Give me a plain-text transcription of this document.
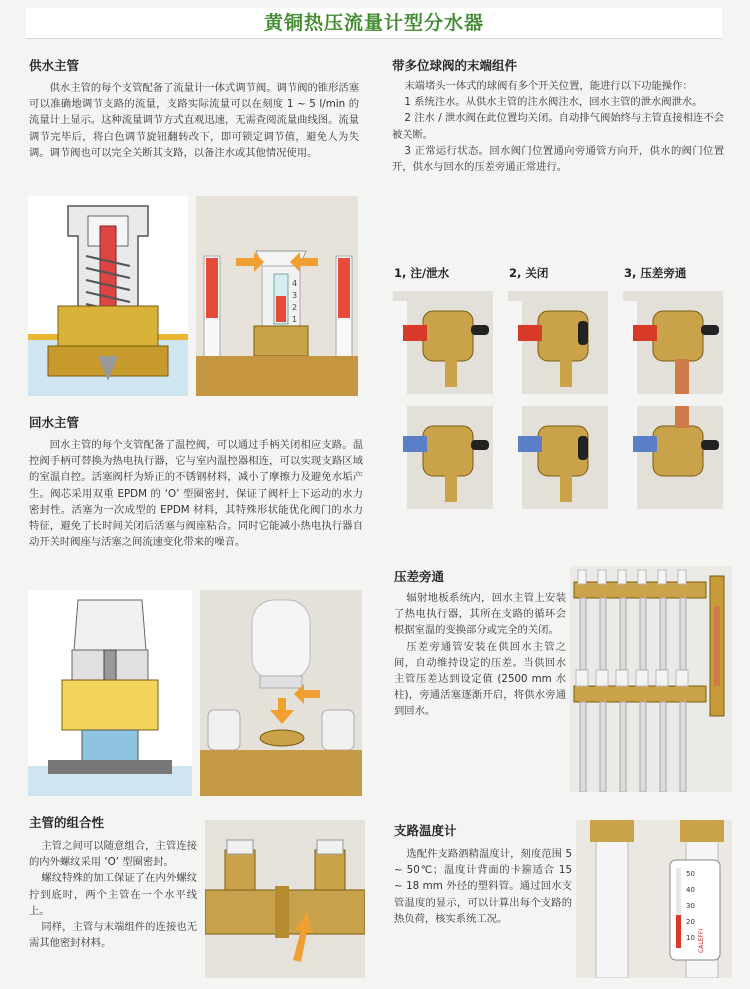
黄铜热压流量计型分水器
供水主管

供水主管的每个支管配备了流量计一体式调节阀。调节阀的锥形活塞可以准确地调节支路的流量，支路实际流量可以在刻度 1 ~ 5 l/min 的流量计上显示。这种流量调节方式直观迅速，无需查阅流量曲线图。流量调节完毕后，将白色调节旋钮翻转改下，即可锁定调节值，避免人为失调。调节阀也可以完全关断其支路，以备注水或其他情况使用。

4
3
2
1
回水主管

回水主管的每个支管配备了温控阀，可以通过手柄关闭相应支路。温控阀手柄可替换为热电执行器，它与室内温控器相连，可以实现支路区域的室温自控。活塞阀杆为矫正的不锈钢材料，减小了摩擦力及避免水垢产生。阀芯采用双重 EPDM 的 ‘O’ 型圈密封，保证了阀杆上下运动的水力密封性。活塞为一次成型的 EPDM 材料，其特殊形状能优化阀门的水力特征，避免了长时间关闭后活塞与阀座粘合。同时它能减小热电执行器自动开关时阀座与活塞之间流速变化带来的噪音。

主管的组合性

主管之间可以随意组合，主管连接的内外螺纹采用 ‘O’ 型圈密封。

螺纹特殊的加工保证了在内外螺纹拧到底时，两个主管在一个水平线上。

同样，主管与末端组件的连接也无需其他密封材料。

带多位球阀的末端组件

末端堵头一体式的球阀有多个开关位置，能进行以下功能操作：

1 系统注水。从供水主管的注水阀注水，回水主管的泄水阀泄水。

2 注水 / 泄水阀在此位置均关闭。自动排气阀始终与主管直接相连不会被关断。

3 正常运行状态。回水阀门位置通向旁通管方向开，供水的阀门位置开，供水与回水的压差旁通正常进行。

1, 注/泄水	2, 关闭	3, 压差旁通
压差旁通

辐射地板系统内，回水主管上安装了热电执行器，其所在支路的循环会根据室温的变换部分或完全的关闭。

压差旁通管安装在供回水主管之间，自动维持设定的压差。当供回水主管压差达到设定值 (2500 mm 水柱)，旁通活塞逐渐开启，将供水旁通到回水。

支路温度计

选配件支路酒精温度计，刻度范围 5 ~ 50℃；温度计背面的卡箍适合 15 ~ 18 mm 外径的塑料管。通过回水支管温度的显示，可以计算出每个支路的热负荷，核实系统工况。

50
40
30
20
10 CALEFFI
